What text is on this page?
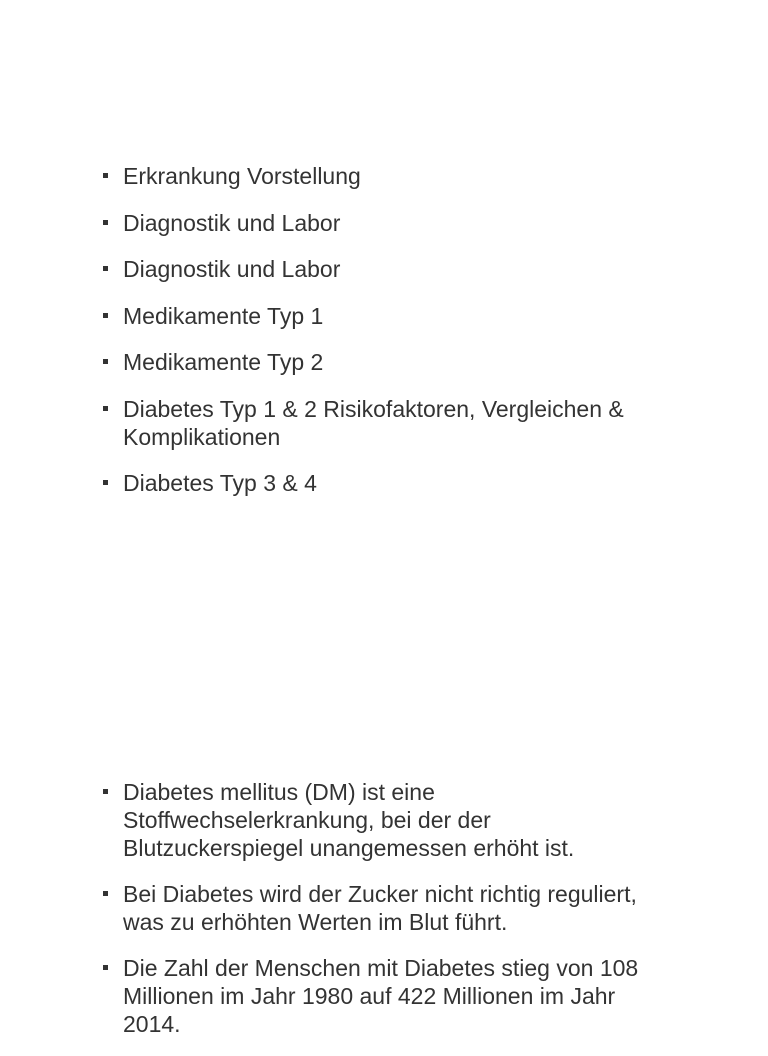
Erkrankung Vorstellung
Diagnostik und Labor
Diagnostik und Labor
Medikamente Typ 1
Medikamente Typ 2
Diabetes Typ 1 & 2 Risikofaktoren, Vergleichen & Komplikationen
Diabetes Typ 3 & 4
Diabetes mellitus (DM) ist eine Stoffwechselerkrankung, bei der der Blutzuckerspiegel unangemessen erhöht ist.
Bei Diabetes wird der Zucker nicht richtig reguliert, was zu erhöhten Werten im Blut führt.
Die Zahl der Menschen mit Diabetes stieg von 108 Millionen im Jahr 1980 auf 422 Millionen im Jahr 2014.
